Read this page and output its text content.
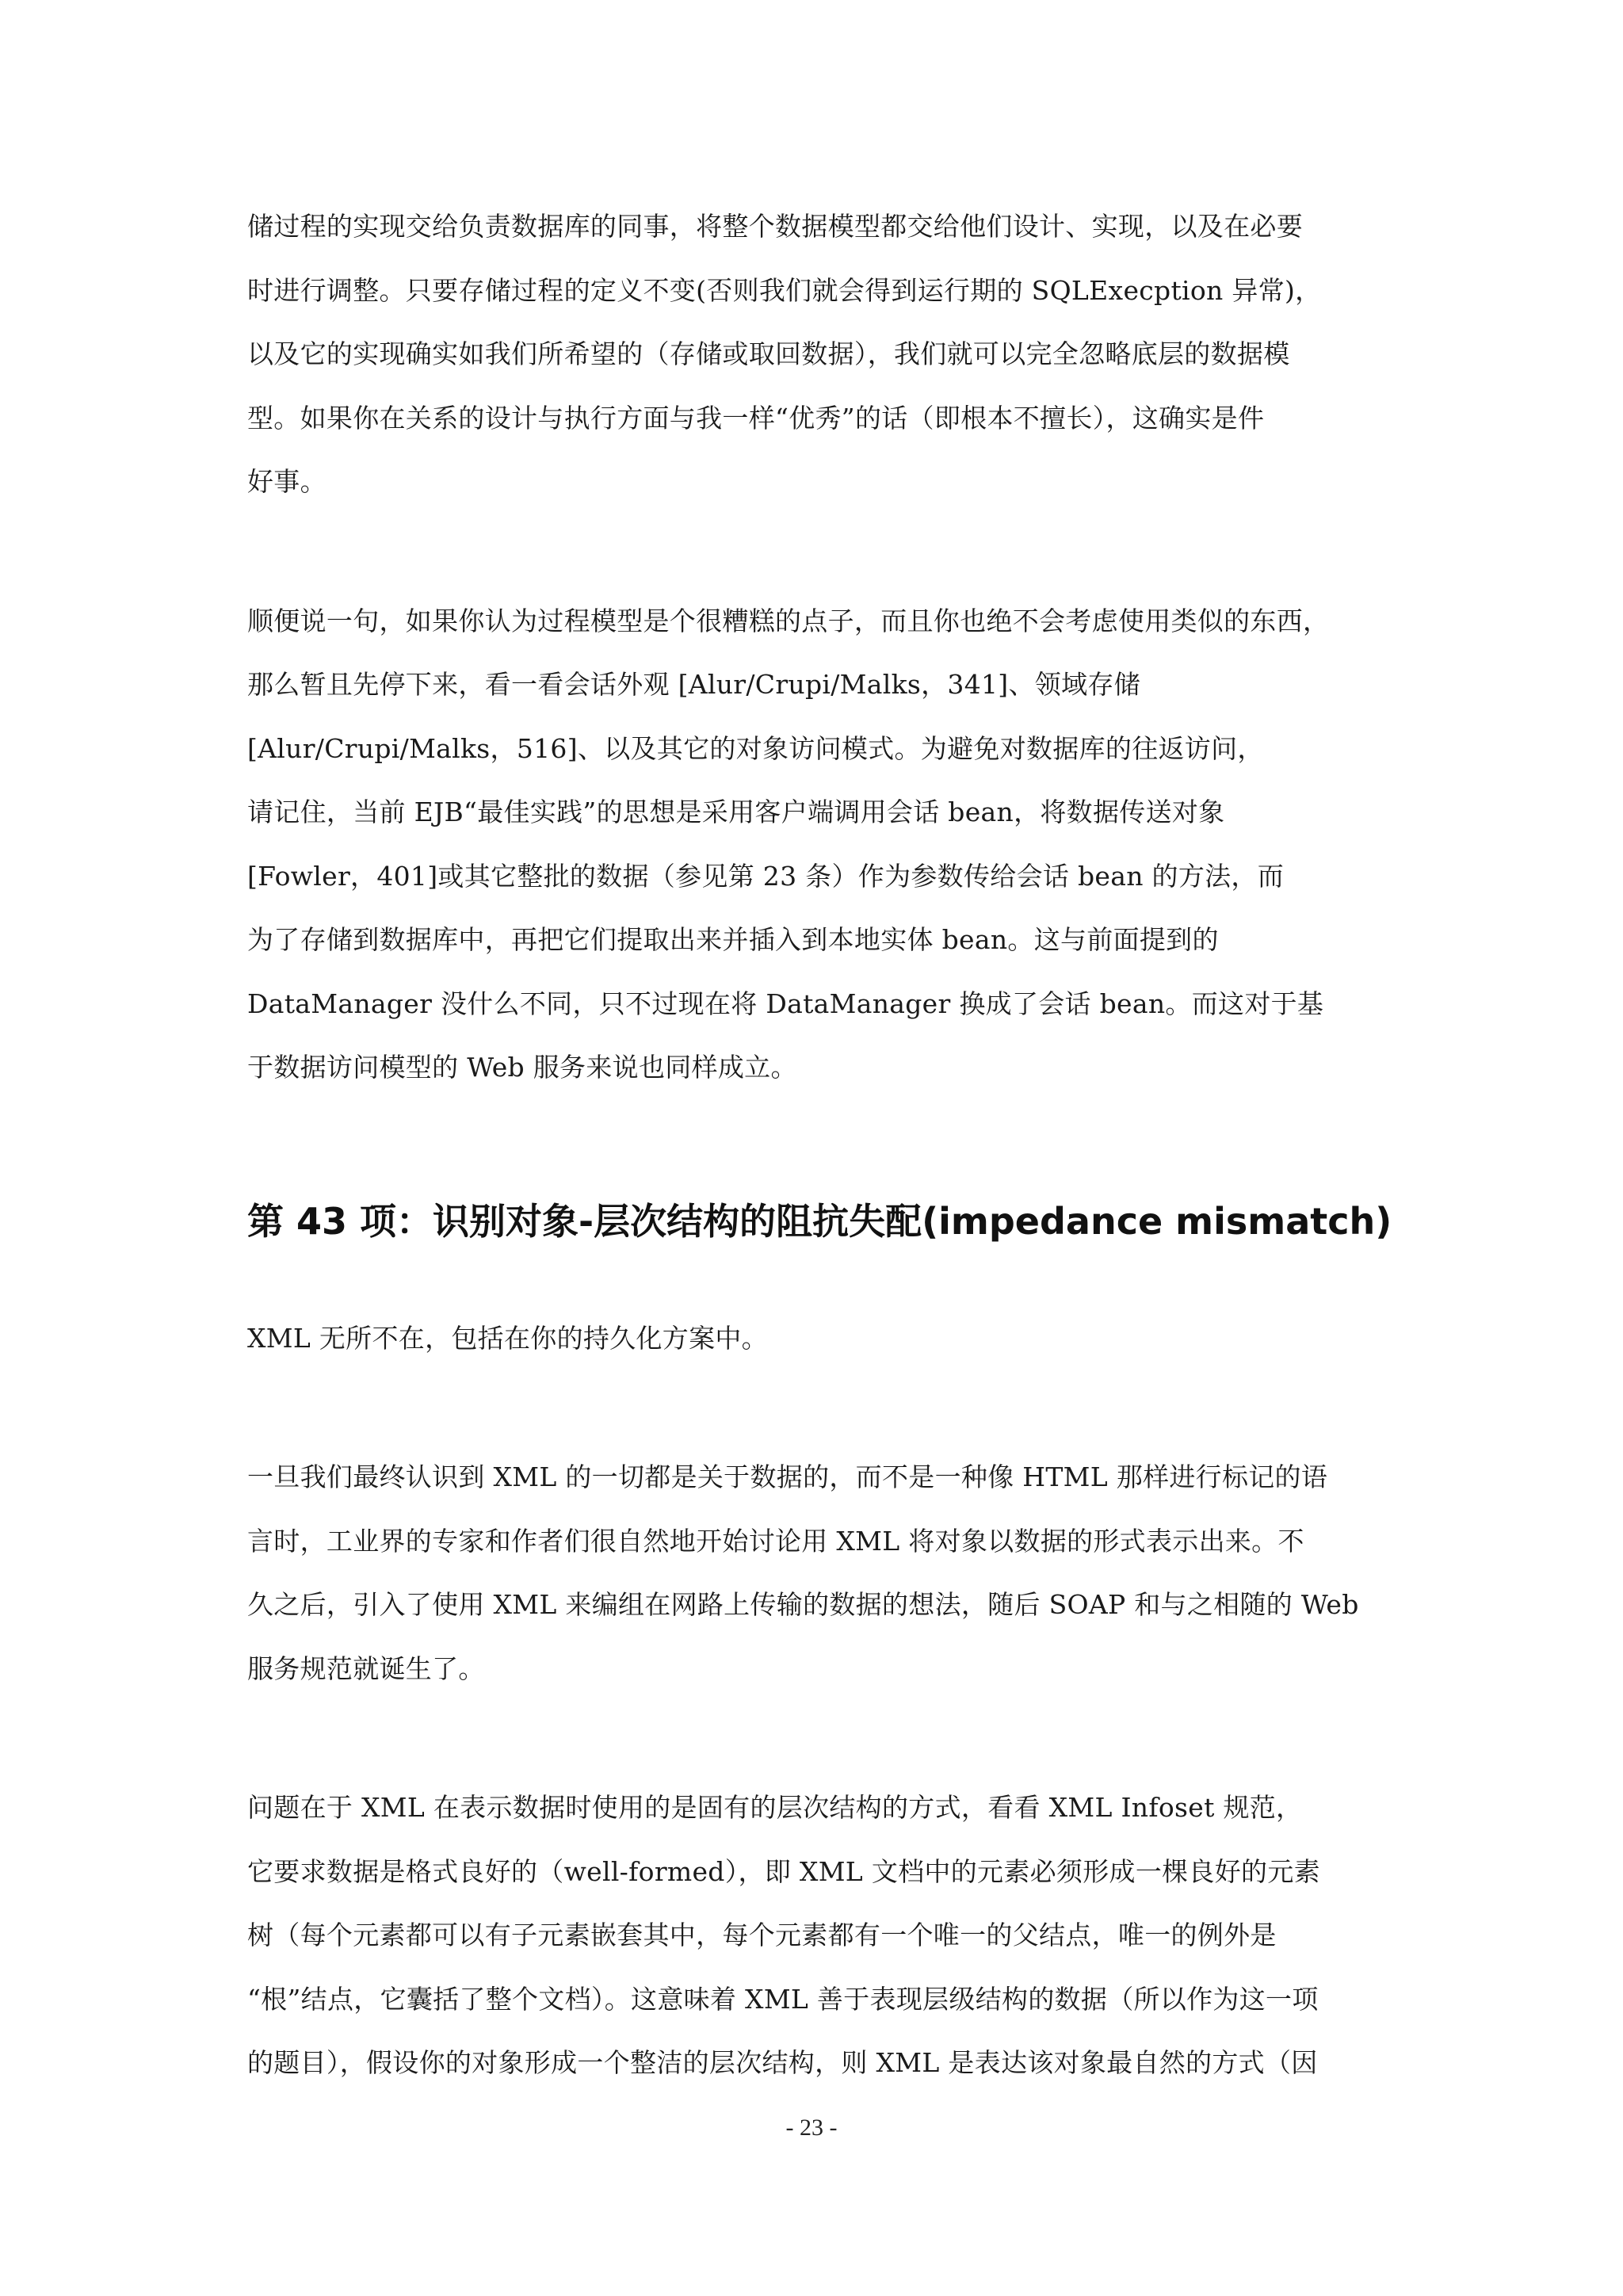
储过程的实现交给负责数据库的同事，将整个数据模型都交给他们设计、实现，以及在必要
时进行调整。只要存储过程的定义不变(否则我们就会得到运行期的 SQLExecption 异常)，
以及它的实现确实如我们所希望的（存储或取回数据），我们就可以完全忽略底层的数据模
型。如果你在关系的设计与执行方面与我一样“优秀”的话（即根本不擅长），这确实是件
好事。

顺便说一句，如果你认为过程模型是个很糟糕的点子，而且你也绝不会考虑使用类似的东西，
那么暂且先停下来，看一看会话外观 [Alur/Crupi/Malks，341]、领域存储
[Alur/Crupi/Malks，516]、以及其它的对象访问模式。为避免对数据库的往返访问，
请记住，当前 EJB“最佳实践”的思想是采用客户端调用会话 bean，将数据传送对象
[Fowler，401]或其它整批的数据（参见第 23 条）作为参数传给会话 bean 的方法，而
为了存储到数据库中，再把它们提取出来并插入到本地实体 bean。这与前面提到的
DataManager 没什么不同，只不过现在将 DataManager 换成了会话 bean。而这对于基
于数据访问模型的 Web 服务来说也同样成立。

第 43 项：识别对象-层次结构的阻抗失配(impedance mismatch)

XML 无所不在，包括在你的持久化方案中。

一旦我们最终认识到 XML 的一切都是关于数据的，而不是一种像 HTML 那样进行标记的语
言时，工业界的专家和作者们很自然地开始讨论用 XML 将对象以数据的形式表示出来。不
久之后，引入了使用 XML 来编组在网路上传输的数据的想法，随后 SOAP 和与之相随的 Web
服务规范就诞生了。

问题在于 XML 在表示数据时使用的是固有的层次结构的方式，看看 XML Infoset 规范，
它要求数据是格式良好的（well-formed），即 XML 文档中的元素必须形成一棵良好的元素
树（每个元素都可以有子元素嵌套其中，每个元素都有一个唯一的父结点，唯一的例外是
“根”结点，它囊括了整个文档）。这意味着 XML 善于表现层级结构的数据（所以作为这一项
的题目），假设你的对象形成一个整洁的层次结构，则 XML 是表达该对象最自然的方式（因

- 23 -
